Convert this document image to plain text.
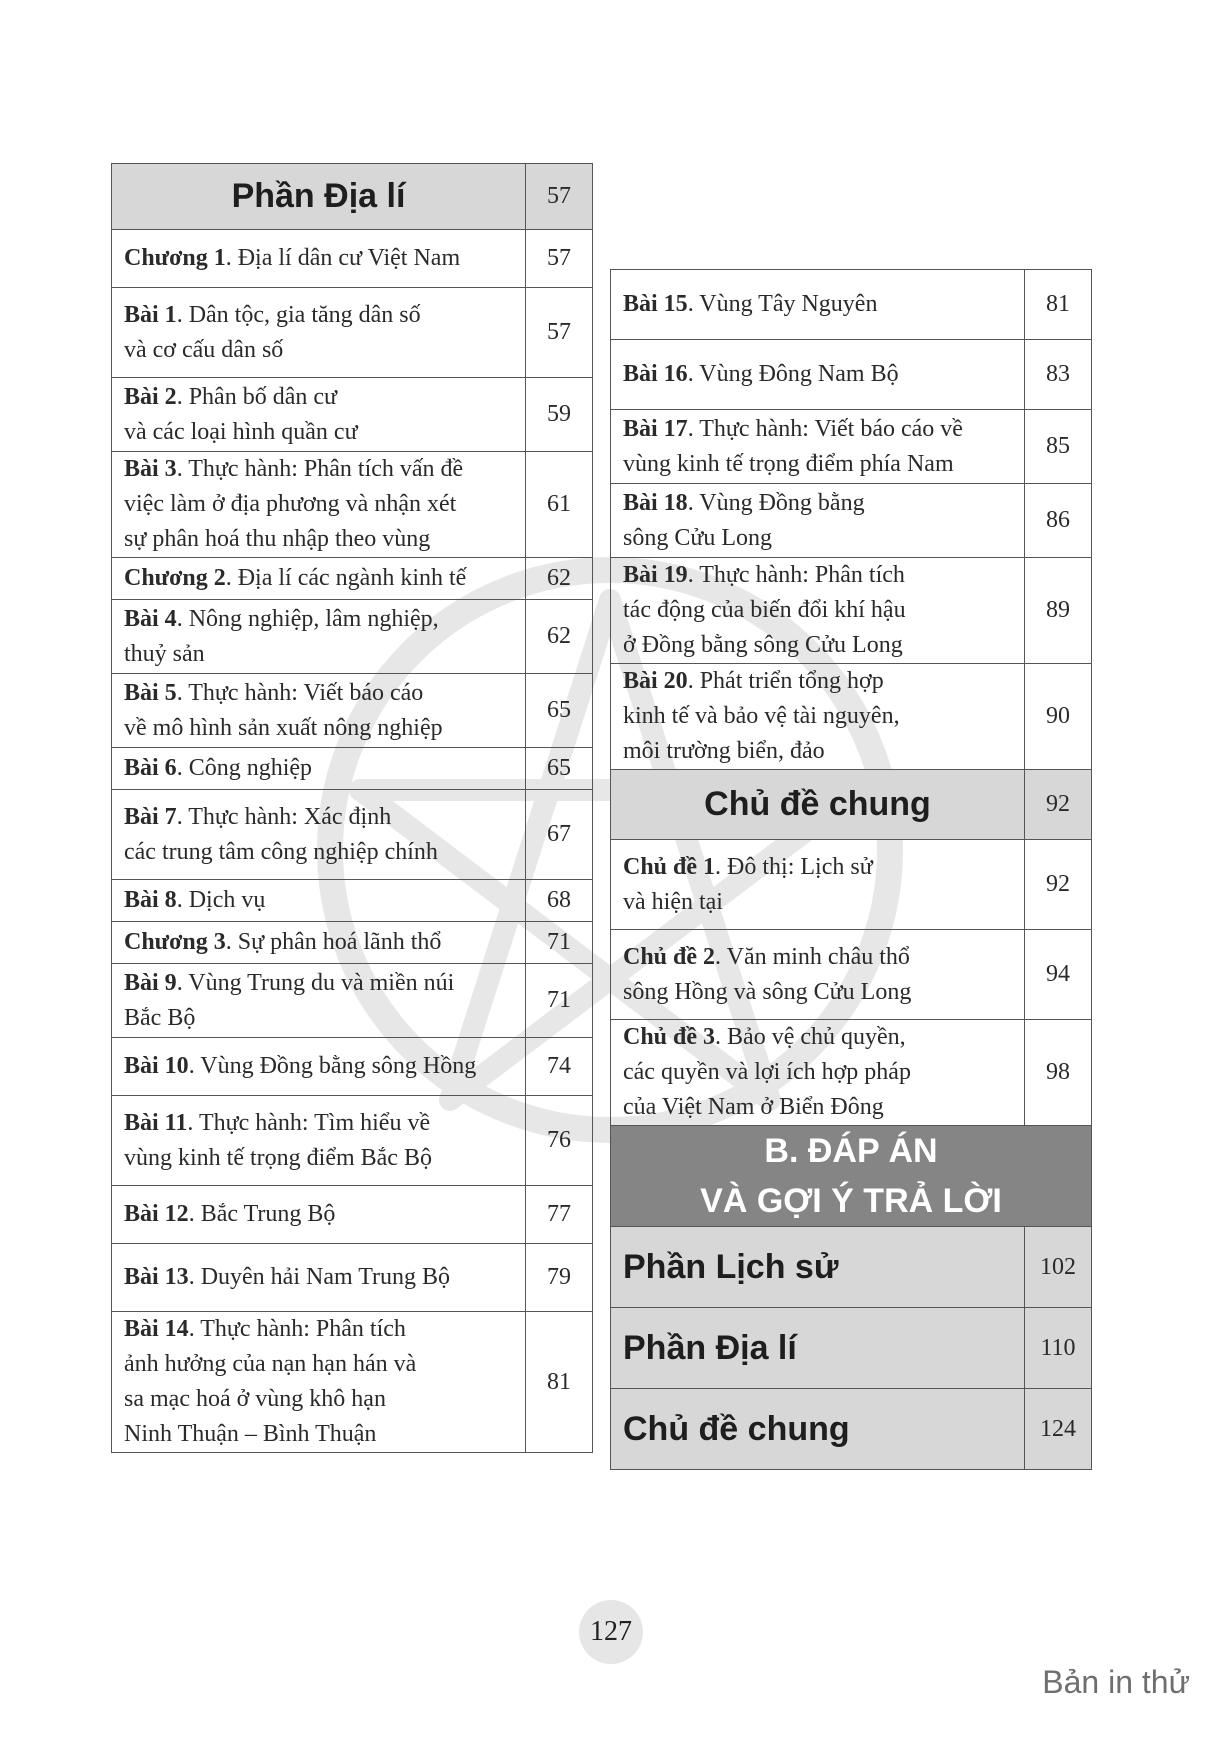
Phần Địa lí	57
Chương 1. Địa lí dân cư Việt Nam	57
Bài 1. Dân tộc, gia tăng dân số
và cơ cấu dân số	57
Bài 2. Phân bố dân cư
và các loại hình quần cư	59
Bài 3. Thực hành: Phân tích vấn đề
việc làm ở địa phương và nhận xét
sự phân hoá thu nhập theo vùng	61
Chương 2. Địa lí các ngành kinh tế	62
Bài 4. Nông nghiệp, lâm nghiệp,
thuỷ sản	62
Bài 5. Thực hành: Viết báo cáo
về mô hình sản xuất nông nghiệp	65
Bài 6. Công nghiệp	65
Bài 7. Thực hành: Xác định
các trung tâm công nghiệp chính	67
Bài 8. Dịch vụ	68
Chương 3. Sự phân hoá lãnh thổ	71
Bài 9. Vùng Trung du và miền núi
Bắc Bộ	71
Bài 10. Vùng Đồng bằng sông Hồng	74
Bài 11. Thực hành: Tìm hiểu về
vùng kinh tế trọng điểm Bắc Bộ	76
Bài 12. Bắc Trung Bộ	77
Bài 13. Duyên hải Nam Trung Bộ	79
Bài 14. Thực hành: Phân tích
ảnh hưởng của nạn hạn hán và
sa mạc hoá ở vùng khô hạn
Ninh Thuận – Bình Thuận	81
Bài 15. Vùng Tây Nguyên	81
Bài 16. Vùng Đông Nam Bộ	83
Bài 17. Thực hành: Viết báo cáo về
vùng kinh tế trọng điểm phía Nam	85
Bài 18. Vùng Đồng bằng
sông Cửu Long	86
Bài 19. Thực hành: Phân tích
tác động của biến đổi khí hậu
ở Đồng bằng sông Cửu Long	89
Bài 20. Phát triển tổng hợp
kinh tế và bảo vệ tài nguyên,
môi trường biển, đảo	90
Chủ đề chung	92
Chủ đề 1. Đô thị: Lịch sử
và hiện tại	92
Chủ đề 2. Văn minh châu thổ
sông Hồng và sông Cửu Long	94
Chủ đề 3. Bảo vệ chủ quyền,
các quyền và lợi ích hợp pháp
của Việt Nam ở Biển Đông	98
B. ĐÁP ÁN
VÀ GỢI Ý TRẢ LỜI	
Phần Lịch sử	102
Phần Địa lí	110
Chủ đề chung	124
127
Bản in thử
